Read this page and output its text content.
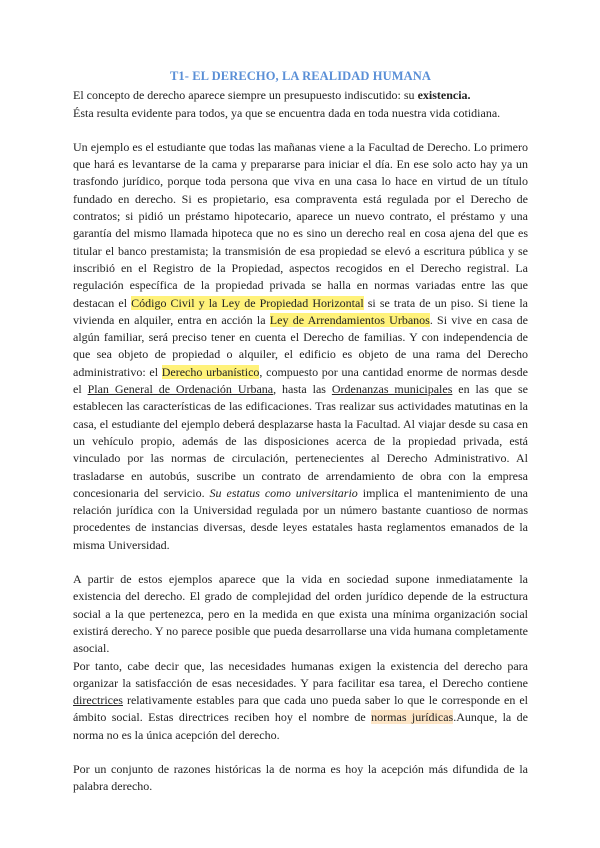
T1- EL DERECHO, LA REALIDAD HUMANA

El concepto de derecho aparece siempre un presupuesto indiscutido: su existencia.

Ésta resulta evidente para todos, ya que se encuentra dada en toda nuestra vida cotidiana.

Un ejemplo es el estudiante que todas las mañanas viene a la Facultad de Derecho. Lo primero que hará es levantarse de la cama y prepararse para iniciar el día. En ese solo acto hay ya un trasfondo jurídico, porque toda persona que viva en una casa lo hace en virtud de un título fundado en derecho. Si es propietario, esa compraventa está regulada por el Derecho de contratos; si pidió un préstamo hipotecario, aparece un nuevo contrato, el préstamo y una garantía del mismo llamada hipoteca que no es sino un derecho real en cosa ajena del que es titular el banco prestamista; la transmisión de esa propiedad se elevó a escritura pública y se inscribió en el Registro de la Propiedad, aspectos recogidos en el Derecho registral. La regulación específica de la propiedad privada se halla en normas variadas entre las que destacan el Código Civil y la Ley de Propiedad Horizontal si se trata de un piso. Si tiene la vivienda en alquiler, entra en acción la Ley de Arrendamientos Urbanos. Si vive en casa de algún familiar, será preciso tener en cuenta el Derecho de familias. Y con independencia de que sea objeto de propiedad o alquiler, el edificio es objeto de una rama del Derecho administrativo: el Derecho urbanístico, compuesto por una cantidad enorme de normas desde el Plan General de Ordenación Urbana, hasta las Ordenanzas municipales en las que se establecen las características de las edificaciones. Tras realizar sus actividades matutinas en la casa, el estudiante del ejemplo deberá desplazarse hasta la Facultad. Al viajar desde su casa en un vehículo propio, además de las disposiciones acerca de la propiedad privada, está vinculado por las normas de circulación, pertenecientes al Derecho Administrativo. Al trasladarse en autobús, suscribe un contrato de arrendamiento de obra con la empresa concesionaria del servicio. Su estatus como universitario implica el mantenimiento de una relación jurídica con la Universidad regulada por un número bastante cuantioso de normas procedentes de instancias diversas, desde leyes estatales hasta reglamentos emanados de la misma Universidad.

A partir de estos ejemplos aparece que la vida en sociedad supone inmediatamente la existencia del derecho. El grado de complejidad del orden jurídico depende de la estructura social a la que pertenezca, pero en la medida en que exista una mínima organización social existirá derecho. Y no parece posible que pueda desarrollarse una vida humana completamente asocial.

Por tanto, cabe decir que, las necesidades humanas exigen la existencia del derecho para organizar la satisfacción de esas necesidades. Y para facilitar esa tarea, el Derecho contiene directrices relativamente estables para que cada uno pueda saber lo que le corresponde en el ámbito social. Estas directrices reciben hoy el nombre de normas jurídicas.Aunque, la de norma no es la única acepción del derecho.

Por un conjunto de razones históricas la de norma es hoy la acepción más difundida de la palabra derecho.
